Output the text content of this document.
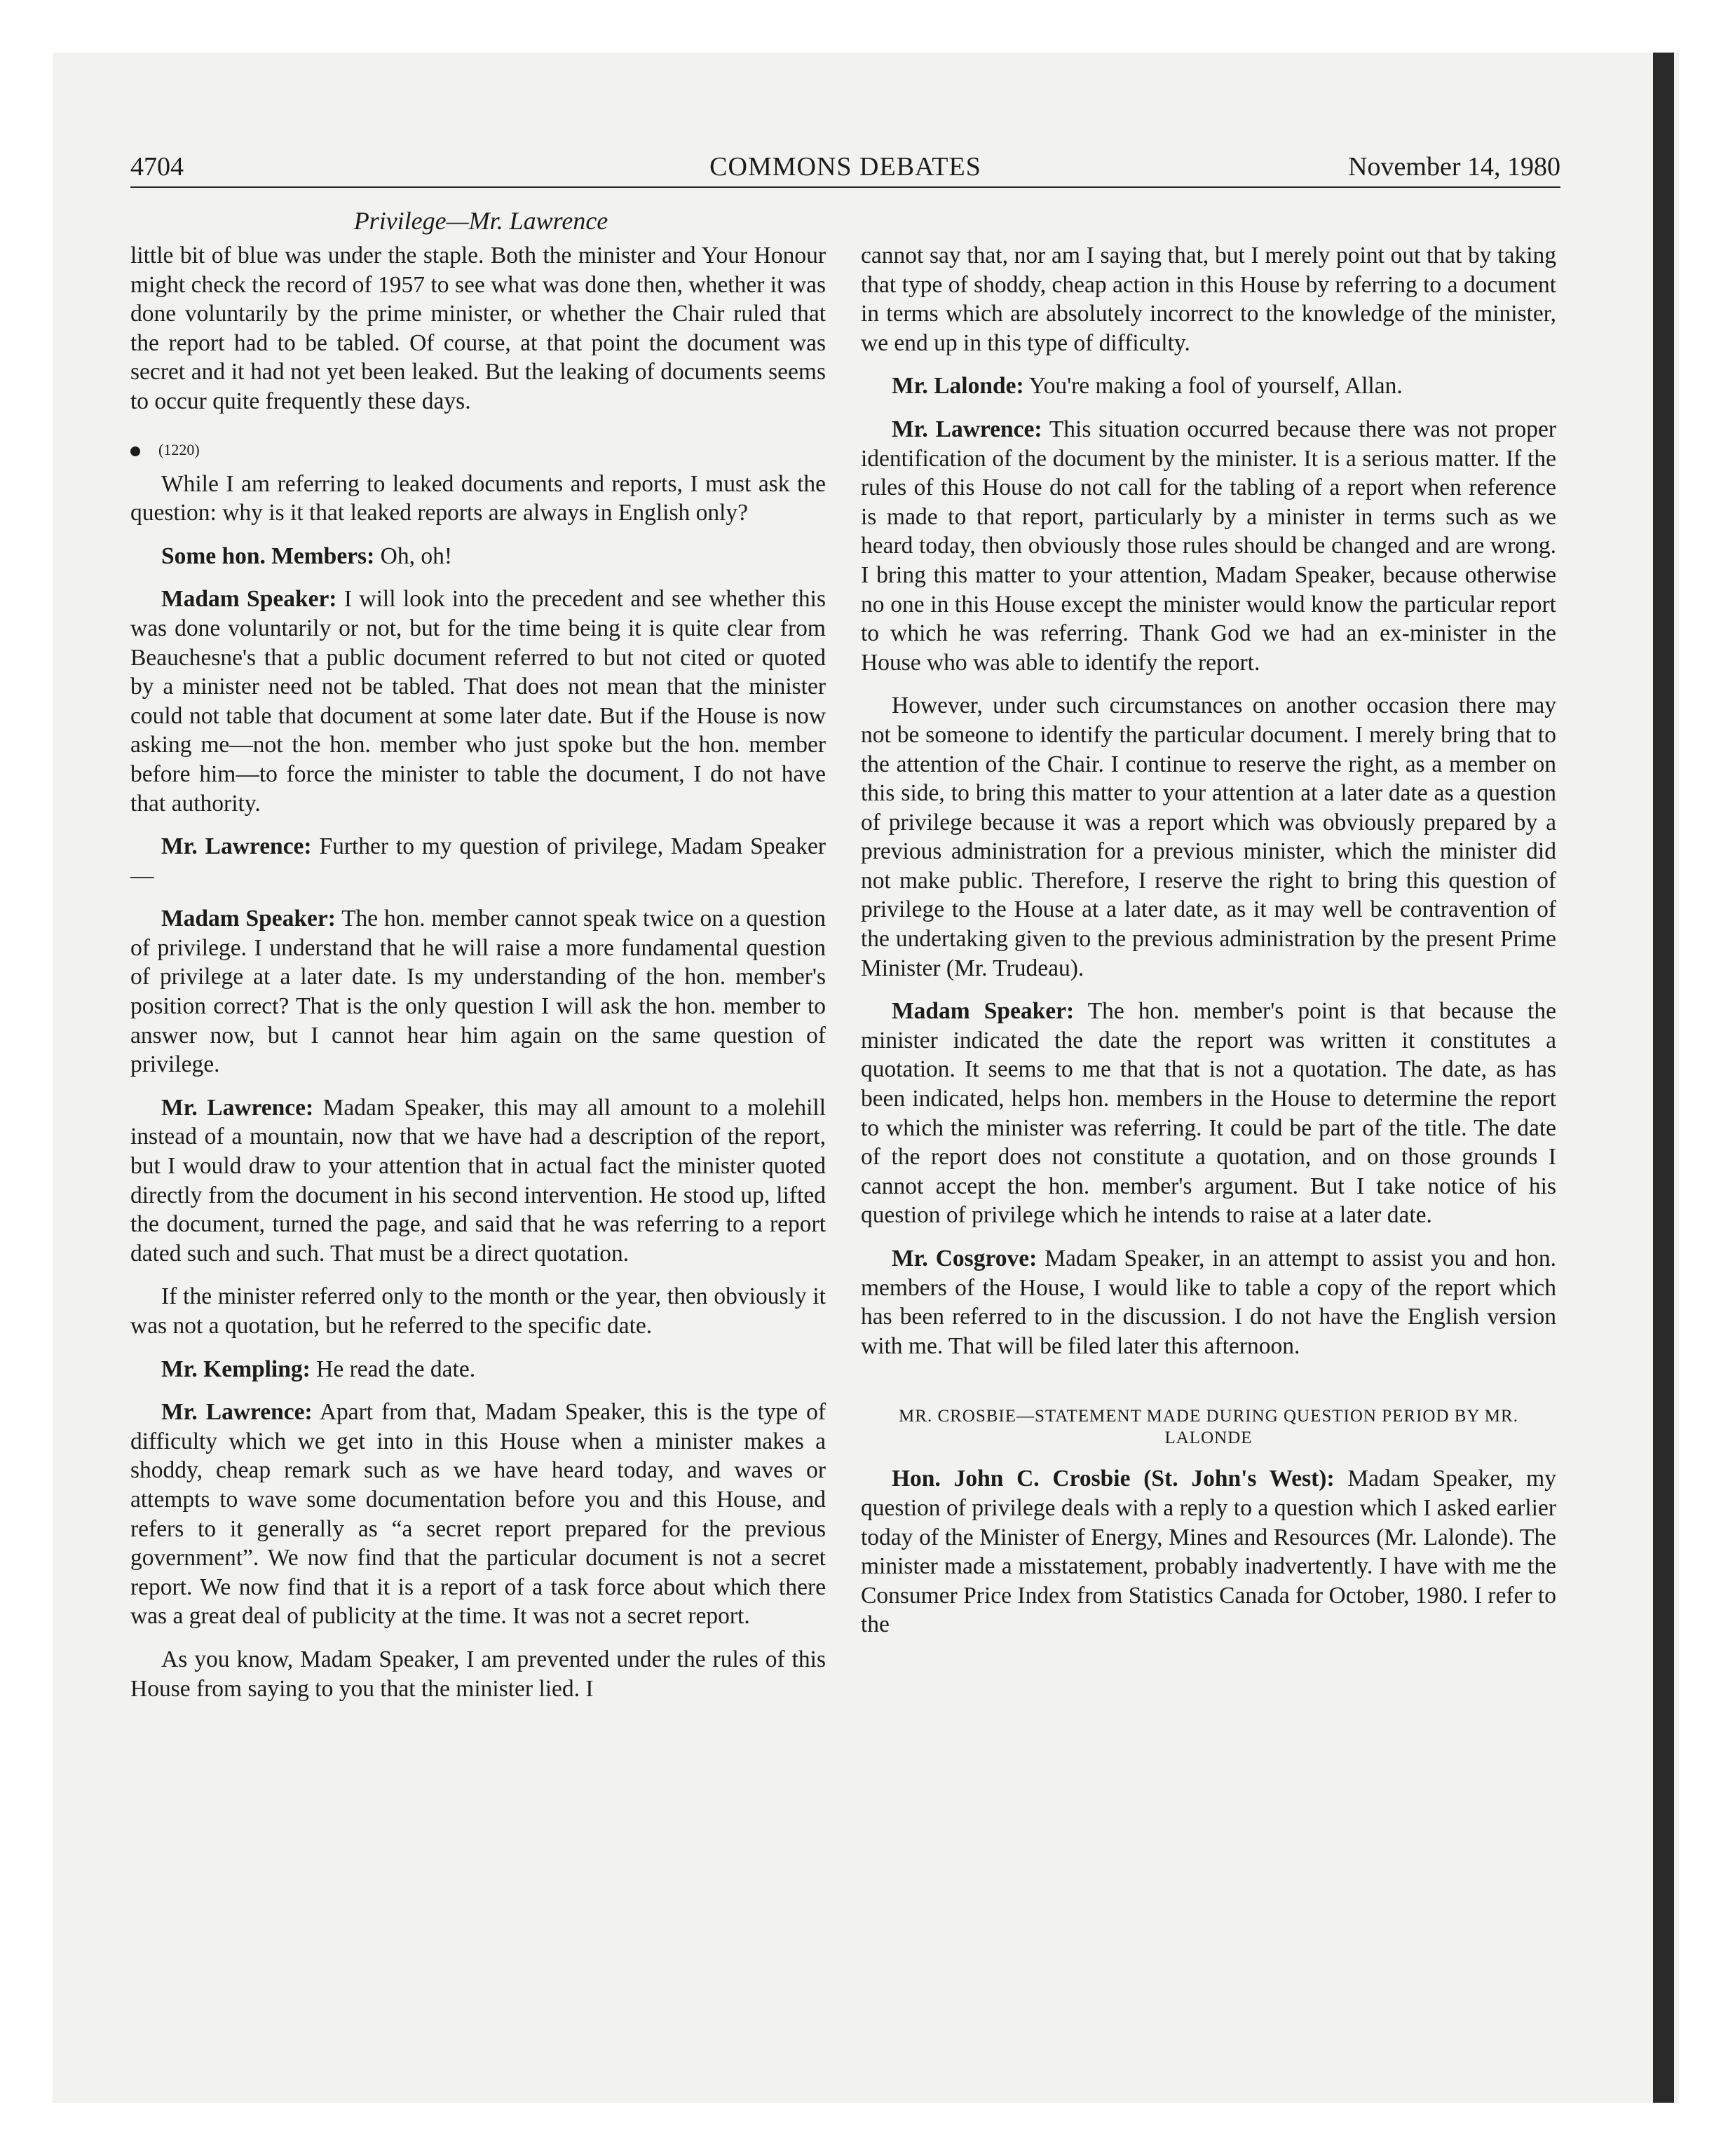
4704	COMMONS DEBATES	November 14, 1980
Privilege—Mr. Lawrence

little bit of blue was under the staple. Both the minister and Your Honour might check the record of 1957 to see what was done then, whether it was done voluntarily by the prime minister, or whether the Chair ruled that the report had to be tabled. Of course, at that point the document was secret and it had not yet been leaked. But the leaking of documents seems to occur quite frequently these days.

(1220)

While I am referring to leaked documents and reports, I must ask the question: why is it that leaked reports are always in English only?

Some hon. Members: Oh, oh!

Madam Speaker: I will look into the precedent and see whether this was done voluntarily or not, but for the time being it is quite clear from Beauchesne's that a public document referred to but not cited or quoted by a minister need not be tabled. That does not mean that the minister could not table that document at some later date. But if the House is now asking me—not the hon. member who just spoke but the hon. member before him—to force the minister to table the document, I do not have that authority.

Mr. Lawrence: Further to my question of privilege, Madam Speaker—

Madam Speaker: The hon. member cannot speak twice on a question of privilege. I understand that he will raise a more fundamental question of privilege at a later date. Is my understanding of the hon. member's position correct? That is the only question I will ask the hon. member to answer now, but I cannot hear him again on the same question of privilege.

Mr. Lawrence: Madam Speaker, this may all amount to a molehill instead of a mountain, now that we have had a description of the report, but I would draw to your attention that in actual fact the minister quoted directly from the document in his second intervention. He stood up, lifted the document, turned the page, and said that he was referring to a report dated such and such. That must be a direct quotation.

If the minister referred only to the month or the year, then obviously it was not a quotation, but he referred to the specific date.

Mr. Kempling: He read the date.

Mr. Lawrence: Apart from that, Madam Speaker, this is the type of difficulty which we get into in this House when a minister makes a shoddy, cheap remark such as we have heard today, and waves or attempts to wave some documentation before you and this House, and refers to it generally as “a secret report prepared for the previous government”. We now find that the particular document is not a secret report. We now find that it is a report of a task force about which there was a great deal of publicity at the time. It was not a secret report.

As you know, Madam Speaker, I am prevented under the rules of this House from saying to you that the minister lied. I

cannot say that, nor am I saying that, but I merely point out that by taking that type of shoddy, cheap action in this House by referring to a document in terms which are absolutely incorrect to the knowledge of the minister, we end up in this type of difficulty.

Mr. Lalonde: You're making a fool of yourself, Allan.

Mr. Lawrence: This situation occurred because there was not proper identification of the document by the minister. It is a serious matter. If the rules of this House do not call for the tabling of a report when reference is made to that report, particularly by a minister in terms such as we heard today, then obviously those rules should be changed and are wrong. I bring this matter to your attention, Madam Speaker, because otherwise no one in this House except the minister would know the particular report to which he was referring. Thank God we had an ex-minister in the House who was able to identify the report.

However, under such circumstances on another occasion there may not be someone to identify the particular document. I merely bring that to the attention of the Chair. I continue to reserve the right, as a member on this side, to bring this matter to your attention at a later date as a question of privilege because it was a report which was obviously prepared by a previous administration for a previous minister, which the minister did not make public. Therefore, I reserve the right to bring this question of privilege to the House at a later date, as it may well be contravention of the undertaking given to the previous administration by the present Prime Minister (Mr. Trudeau).

Madam Speaker: The hon. member's point is that because the minister indicated the date the report was written it constitutes a quotation. It seems to me that that is not a quotation. The date, as has been indicated, helps hon. members in the House to determine the report to which the minister was referring. It could be part of the title. The date of the report does not constitute a quotation, and on those grounds I cannot accept the hon. member's argument. But I take notice of his question of privilege which he intends to raise at a later date.

Mr. Cosgrove: Madam Speaker, in an attempt to assist you and hon. members of the House, I would like to table a copy of the report which has been referred to in the discussion. I do not have the English version with me. That will be filed later this afternoon.

MR. CROSBIE—STATEMENT MADE DURING QUESTION PERIOD BY MR. LALONDE

Hon. John C. Crosbie (St. John's West): Madam Speaker, my question of privilege deals with a reply to a question which I asked earlier today of the Minister of Energy, Mines and Resources (Mr. Lalonde). The minister made a misstatement, probably inadvertently. I have with me the Consumer Price Index from Statistics Canada for October, 1980. I refer to the
